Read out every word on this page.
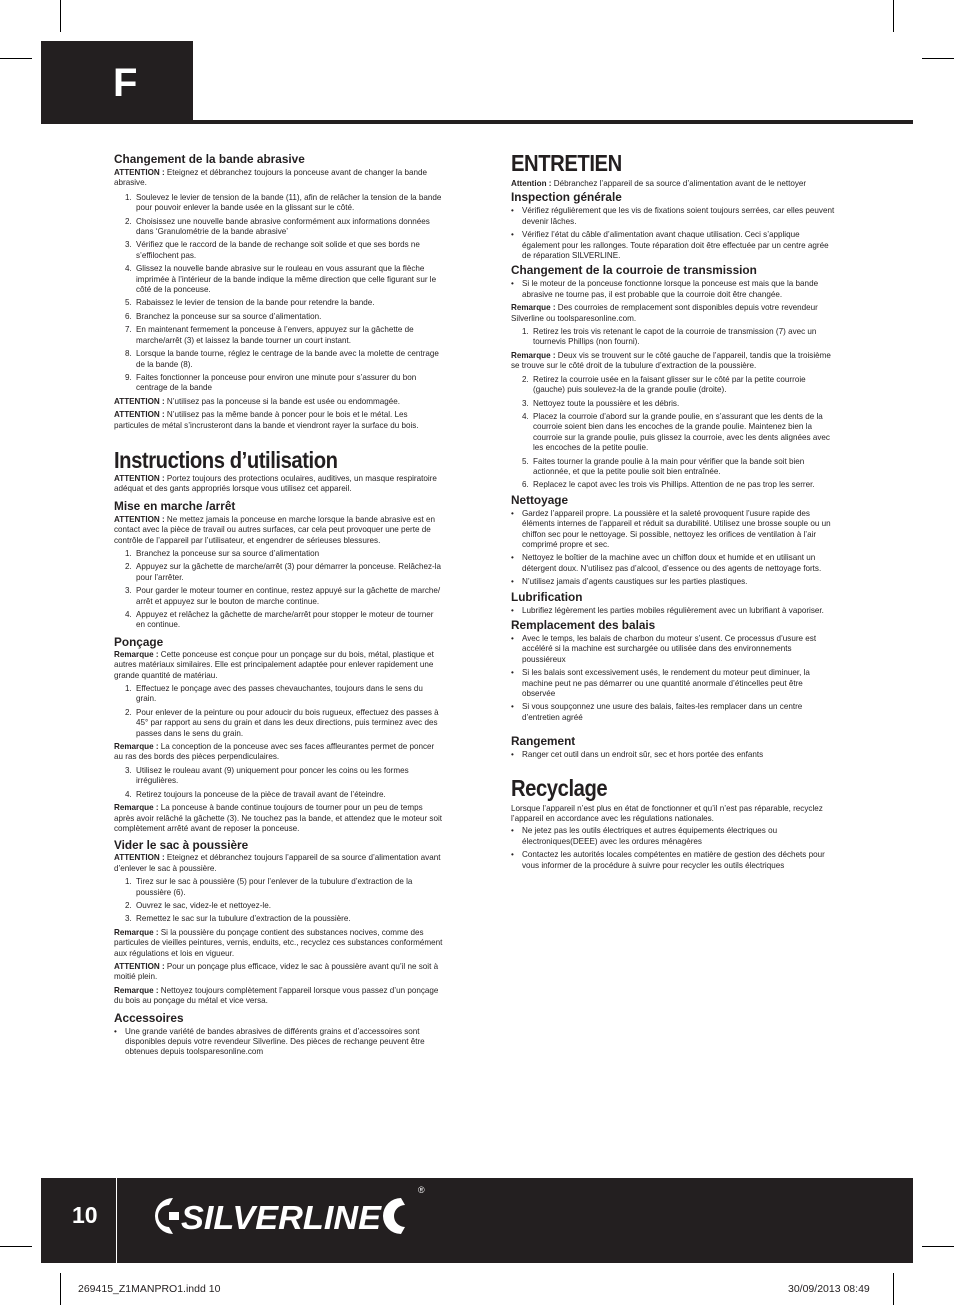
F
Changement de la bande abrasive

ATTENTION : Eteignez et débranchez toujours la ponceuse avant de changer la bande abrasive.

1. Soulevez le levier de tension de la bande (11), afin de relâcher la tension de la bande pour pouvoir enlever la bande usée en la glissant sur le côté.
2. Choisissez une nouvelle bande abrasive conformément aux informations données dans ‘Granulométrie de la bande abrasive’
3. Vérifiez que le raccord de la bande de rechange soit solide et que ses bords ne s’effilochent pas.
4. Glissez la nouvelle bande abrasive sur le rouleau en vous assurant que la flèche imprimée à l’intérieur de la bande indique la même direction que celle figurant sur le côté de la ponceuse.
5. Rabaissez le levier de tension de la bande pour retendre la bande.
6. Branchez la ponceuse sur sa source d’alimentation.
7. En maintenant fermement la ponceuse à l’envers, appuyez sur la gâchette de marche/arrêt (3) et laissez la bande tourner un court instant.
8. Lorsque la bande tourne, réglez le centrage de la bande avec la molette de centrage de la bande (8).
9. Faites fonctionner la ponceuse pour environ une minute pour s’assurer du bon centrage de la bande

ATTENTION : N’utilisez pas la ponceuse si la bande est usée ou endommagée.

ATTENTION : N’utilisez pas la même bande à poncer pour le bois et le métal. Les particules de métal s’incrusteront dans la bande et viendront rayer la surface du bois.

Instructions d’utilisation

ATTENTION : Portez toujours des protections oculaires, auditives, un masque respiratoire adéquat et des gants appropriés lorsque vous utilisez cet appareil.

Mise en marche /arrêt

ATTENTION : Ne mettez jamais la ponceuse en marche lorsque la bande abrasive est en contact avec la pièce de travail ou autres surfaces, car cela peut provoquer une perte de contrôle de l’appareil par l’utilisateur, et engendrer de sérieuses blessures.

1. Branchez la ponceuse sur sa source d’alimentation
2. Appuyez sur la gâchette de marche/arrêt (3) pour démarrer la ponceuse. Relâchez-la pour l’arrêter.
3. Pour garder le moteur tourner en continue, restez appuyé sur la gâchette de marche/ arrêt et appuyez sur le bouton de marche continue.
4. Appuyez et relâchez la gâchette de marche/arrêt pour stopper le moteur de tourner en continue.
Ponçage

Remarque : Cette ponceuse est conçue pour un ponçage sur du bois, métal, plastique et autres matériaux similaires. Elle est principalement adaptée pour enlever rapidement une grande quantité de matériau.

1. Effectuez le ponçage avec des passes chevauchantes, toujours dans le sens du grain.
2. Pour enlever de la peinture ou pour adoucir du bois rugueux, effectuez des passes à 45° par rapport au sens du grain et dans les deux directions, puis terminez avec des passes dans le sens du grain.

Remarque : La conception de la ponceuse avec ses faces affleurantes permet de poncer au ras des bords des pièces perpendiculaires.

3. Utilisez le rouleau avant (9) uniquement pour poncer les coins ou les formes irrégulières.
4. Retirez toujours la ponceuse de la pièce de travail avant de l’éteindre.

Remarque : La ponceuse à bande continue toujours de tourner pour un peu de temps après avoir relâché la gâchette (3). Ne touchez pas la bande, et attendez que le moteur soit complètement arrêté avant de reposer la ponceuse.

Vider le sac à poussière

ATTENTION : Eteignez et débranchez toujours l’appareil de sa source d’alimentation avant d’enlever le sac à poussière.

1. Tirez sur le sac à poussière (5) pour l’enlever de la tubulure d’extraction de la poussière (6).
2. Ouvrez le sac, videz-le et nettoyez-le.
3. Remettez le sac sur la tubulure d’extraction de la poussière.

Remarque : Si la poussière du ponçage contient des substances nocives, comme des particules de vieilles peintures, vernis, enduits, etc., recyclez ces substances conformément aux régulations et lois en vigueur.

ATTENTION : Pour un ponçage plus efficace, videz le sac à poussière avant qu’il ne soit à moitié plein.

Remarque : Nettoyez toujours complètement l’appareil lorsque vous passez d’un ponçage du bois au ponçage du métal et vice versa.

Accessoires
• Une grande variété de bandes abrasives de différents grains et d’accessoires sont disponibles depuis votre revendeur Silverline. Des pièces de rechange peuvent être obtenues depuis toolsparesonline.com
ENTRETIEN

Attention : Débranchez l’appareil de sa source d’alimentation avant de le nettoyer

Inspection générale
• Vérifiez régulièrement que les vis de fixations soient toujours serrées, car elles peuvent devenir lâches.
• Vérifiez l’état du câble d’alimentation avant chaque utilisation. Ceci s’applique également pour les rallonges. Toute réparation doit être effectuée par un centre agrée de réparation SILVERLINE.
Changement de la courroie de transmission
• Si le moteur de la ponceuse fonctionne lorsque la ponceuse est mais que la bande abrasive ne tourne pas, il est probable que la courroie doit être changée.

Remarque : Des courroies de remplacement sont disponibles depuis votre revendeur Silverline ou toolsparesonline.com.

1. Retirez les trois vis retenant le capot de la courroie de transmission (7) avec un tournevis Phillips (non fourni).

Remarque : Deux vis se trouvent sur le côté gauche de l’appareil, tandis que la troisième se trouve sur le côté droit de la tubulure d’extraction de la poussière.

2. Retirez la courroie usée en la faisant glisser sur le côté par la petite courroie (gauche) puis soulevez-la de la grande poulie (droite).
3. Nettoyez toute la poussière et les débris.
4. Placez la courroie d’abord sur la grande poulie, en s’assurant que les dents de la courroie soient bien dans les encoches de la grande poulie. Maintenez bien la courroie sur la grande poulie, puis glissez la courroie, avec les dents alignées avec les encoches de la petite poulie.
5. Faites tourner la grande poulie à la main pour vérifier que la bande soit bien actionnée, et que la petite poulie soit bien entraînée.
6. Replacez le capot avec les trois vis Phillips. Attention de ne pas trop les serrer.
Nettoyage
• Gardez l’appareil propre. La poussière et la saleté provoquent l’usure rapide des éléments internes de l’appareil et réduit sa durabilité. Utilisez une brosse souple ou un chiffon sec pour le nettoyage. Si possible, nettoyez les orifices de ventilation à l’air comprimé propre et sec.
• Nettoyez le boîtier de la machine avec un chiffon doux et humide et en utilisant un détergent doux. N’utilisez pas d’alcool, d’essence ou des agents de nettoyage forts.
• N’utilisez jamais d’agents caustiques sur les parties plastiques.
Lubrification
• Lubrifiez légèrement les parties mobiles régulièrement avec un lubrifiant à vaporiser.
Remplacement des balais
• Avec le temps, les balais de charbon du moteur s’usent. Ce processus d’usure est accéléré si la machine est surchargée ou utilisée dans des environnements poussiéreux
• Si les balais sont excessivement usés, le rendement du moteur peut diminuer, la machine peut ne pas démarrer ou une quantité anormale d’étincelles peut être observée
• Si vous soupçonnez une usure des balais, faites-les remplacer dans un centre d’entretien agréé
Rangement
• Ranger cet outil dans un endroit sûr, sec et hors portée des enfants
Recyclage

Lorsque l’appareil n’est plus en état de fonctionner et qu’il n’est pas réparable, recyclez l’appareil en accordance avec les régulations nationales.

• Ne jetez pas les outils électriques et autres équipements électriques ou électroniques(DEEE) avec les ordures ménagères
• Contactez les autorités locales compétentes en matière de gestion des déchets pour vous informer de la procédure à suivre pour recycler les outils électriques
10	SILVERLINE
®
269415_Z1MANPRO1.indd 10	30/09/2013 08:49
